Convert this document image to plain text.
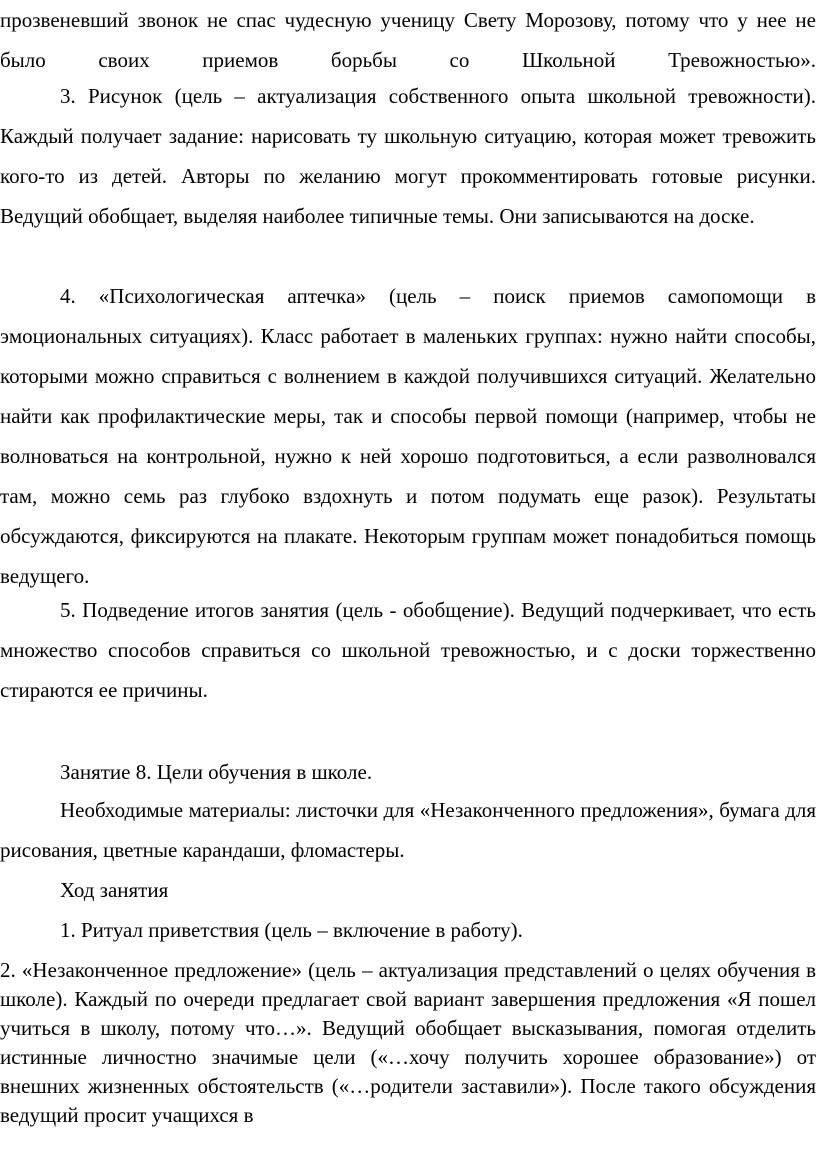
прозвеневший звонок не спас чудесную ученицу Свету Морозову, потому что у нее не было своих приемов борьбы со Школьной Тревожностью».

3. Рисунок (цель – актуализация собственного опыта школьной тревожности). Каждый получает задание: нарисовать ту школьную ситуацию, которая может тревожить кого-то из детей. Авторы по желанию могут прокомментировать готовые рисунки. Ведущий обобщает, выделяя наиболее типичные темы. Они записываются на доске.

4. «Психологическая аптечка» (цель – поиск приемов самопомощи в эмоциональных ситуациях). Класс работает в маленьких группах: нужно найти способы, которыми можно справиться с волнением в каждой получившихся ситуаций. Желательно найти как профилактические меры, так и способы первой помощи (например, чтобы не волноваться на контрольной, нужно к ней хорошо подготовиться, а если разволновался там, можно семь раз глубоко вздохнуть и потом подумать еще разок). Результаты обсуждаются, фиксируются на плакате. Некоторым группам может понадобиться помощь ведущего.

5. Подведение итогов занятия (цель - обобщение). Ведущий подчеркивает, что есть множество способов справиться со школьной тревожностью, и с доски торжественно стираются ее причины.

Занятие 8. Цели обучения в школе.

Необходимые материалы: листочки для «Незаконченного предложения», бумага для рисования, цветные карандаши, фломастеры.

Ход занятия

1. Ритуал приветствия (цель – включение в работу).

2. «Незаконченное предложение» (цель – актуализация представлений о целях обучения в школе). Каждый по очереди предлагает свой вариант завершения предложения «Я пошел учиться в школу, потому что…». Ведущий обобщает высказывания, помогая отделить истинные личностно значимые цели («…хочу получить хорошее образование») от внешних жизненных обстоятельств («…родители заставили»). После такого обсуждения ведущий просит учащихся в
